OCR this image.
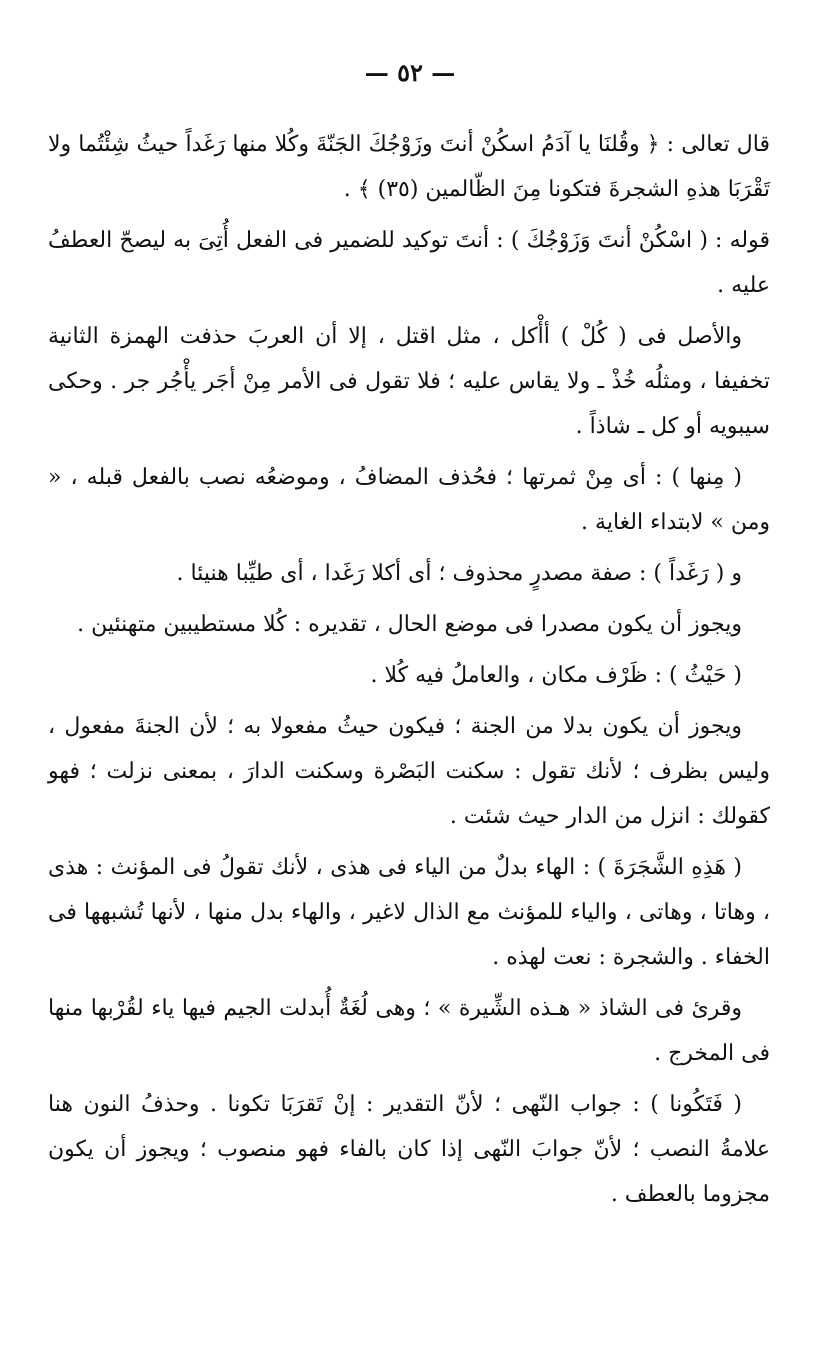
— ٥٢ —

قال تعالى : ﴿ وقُلنَا يا آدَمُ اسكُنْ أنتَ وزَوْجُكَ الجَنّةَ وكُلا منها رَغَداً حيثُ شِئْتُما ولا تَقْرَبَا هذهِ الشجرةَ فتكونا مِنَ الظّالمين (٣٥) ﴾ .

قوله : ( اسْكُنْ أنتَ وَزَوْجُكَ ) : أنتَ توكيد للضمير فى الفعل أُتِىَ به ليصحّ العطفُ عليه .

والأصل فى ( كُلْ ) أأْكل ، مثل اقتل ، إلا أن العربَ حذفت الهمزة الثانية تخفيفا ، ومثلُه خُذْ ـ ولا يقاس عليه ؛ فلا تقول فى الأمر مِنْ أجَر يأْجُر جر . وحكى سيبويه أو كل ـ شاذاً .

( مِنها ) : أى مِنْ ثمرتها ؛ فحُذف المضافُ ، وموضعُه نصب بالفعل قبله ، « ومن » لابتداء الغاية .

و ( رَغَداً ) : صفة مصدرٍ محذوف ؛ أى أكلا رَغَدا ، أى طيِّبا هنيئا .

ويجوز أن يكون مصدرا فى موضع الحال ، تقديره : كُلا مستطيبين متهنئين .

( حَيْثُ ) : ظَرْف مكان ، والعاملُ فيه كُلا .

ويجوز أن يكون بدلا من الجنة ؛ فيكون حيثُ مفعولا به ؛ لأن الجنةَ مفعول ، وليس بظرف ؛ لأنك تقول : سكنت البَصْرة وسكنت الدارَ ، بمعنى نزلت ؛ فهو كقولك : انزل من الدار حيث شئت .

( هَذِهِ الشَّجَرَةَ ) : الهاء بدلٌ من الياء فى هذى ، لأنك تقولُ فى المؤنث : هذى ، وهاتا ، وهاتى ، والياء للمؤنث مع الذال لاغير ، والهاء بدل منها ، لأنها تُشبهها فى الخفاء . والشجرة : نعت لهذه .

وقرئ فى الشاذ « هـذه الشِّيرة » ؛ وهى لُغَةٌ أُبدلت الجيم فيها ياء لقُرْبها منها فى المخرج .

( فَتَكُونا ) : جواب النّهى ؛ لأنّ التقدير : إنْ تَقرَبَا تكونا . وحذفُ النون هنا علامةُ النصب ؛ لأنّ جوابَ النّهى إذا كان بالفاء فهو منصوب ؛ ويجوز أن يكون مجزوما بالعطف .
